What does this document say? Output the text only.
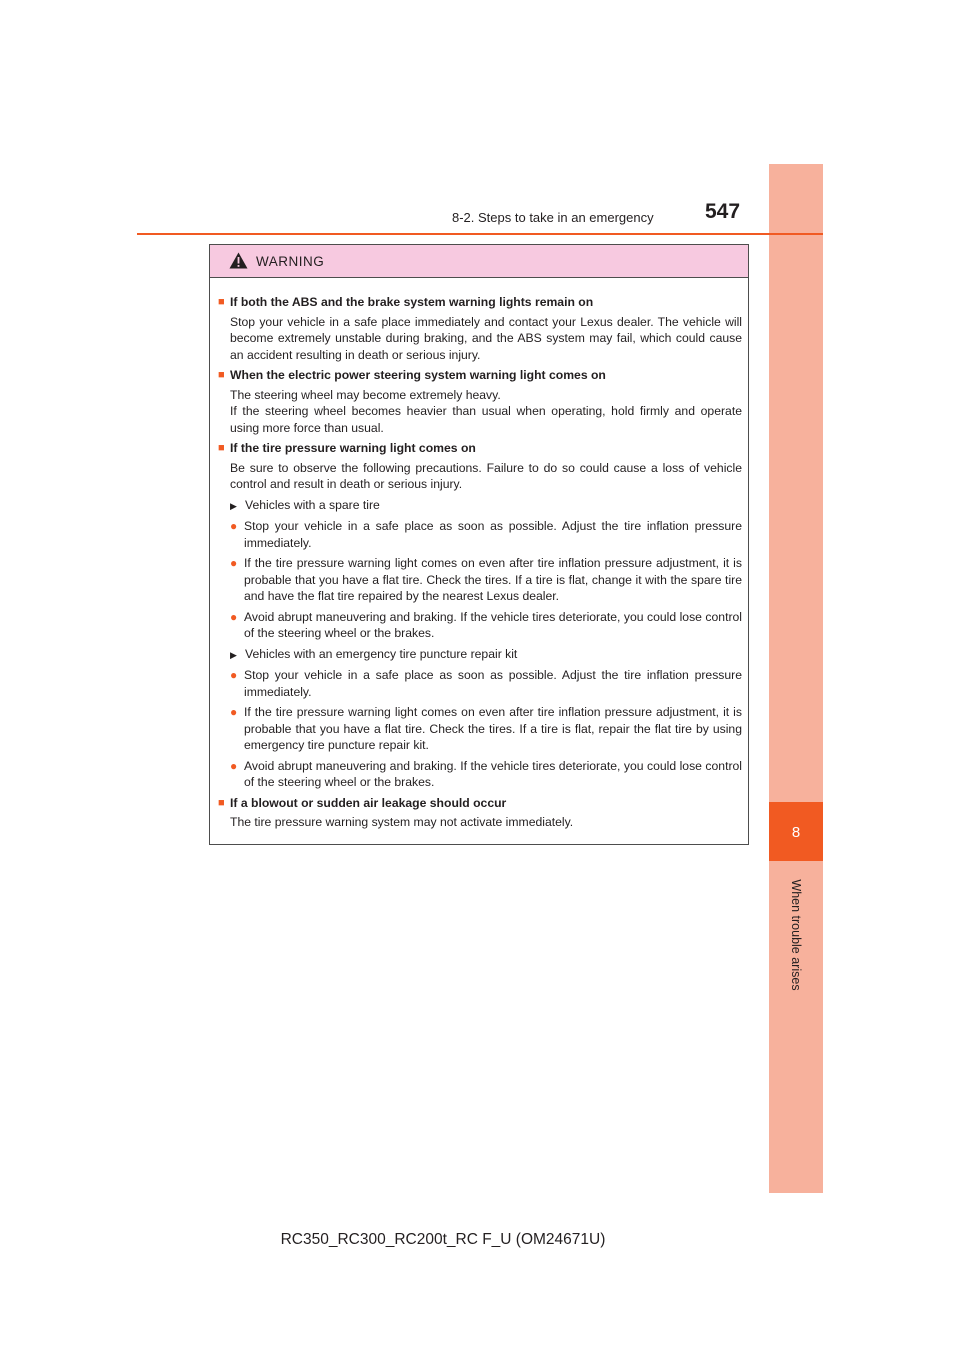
8
When trouble arises
8-2. Steps to take in an emergency 547
WARNING
■ If both the ABS and the brake system warning lights remain on
Stop your vehicle in a safe place immediately and contact your Lexus dealer. The vehicle will become extremely unstable during braking, and the ABS system may fail, which could cause an accident resulting in death or serious injury.
■ When the electric power steering system warning light comes on

The steering wheel may become extremely heavy.

If the steering wheel becomes heavier than usual when operating, hold firmly and operate using more force than usual.

■ If the tire pressure warning light comes on
Be sure to observe the following precautions. Failure to do so could cause a loss of vehicle control and result in death or serious injury.
▶ Vehicles with a spare tire
● Stop your vehicle in a safe place as soon as possible. Adjust the tire inflation pressure immediately.
● If the tire pressure warning light comes on even after tire inflation pressure adjustment, it is probable that you have a flat tire. Check the tires. If a tire is flat, change it with the spare tire and have the flat tire repaired by the nearest Lexus dealer.
● Avoid abrupt maneuvering and braking. If the vehicle tires deteriorate, you could lose control of the steering wheel or the brakes.
▶ Vehicles with an emergency tire puncture repair kit
● Stop your vehicle in a safe place as soon as possible. Adjust the tire inflation pressure immediately.
● If the tire pressure warning light comes on even after tire inflation pressure adjustment, it is probable that you have a flat tire. Check the tires. If a tire is flat, repair the flat tire by using emergency tire puncture repair kit.
● Avoid abrupt maneuvering and braking. If the vehicle tires deteriorate, you could lose control of the steering wheel or the brakes.
■ If a blowout or sudden air leakage should occur
The tire pressure warning system may not activate immediately.
RC350_RC300_RC200t_RC F_U (OM24671U)
